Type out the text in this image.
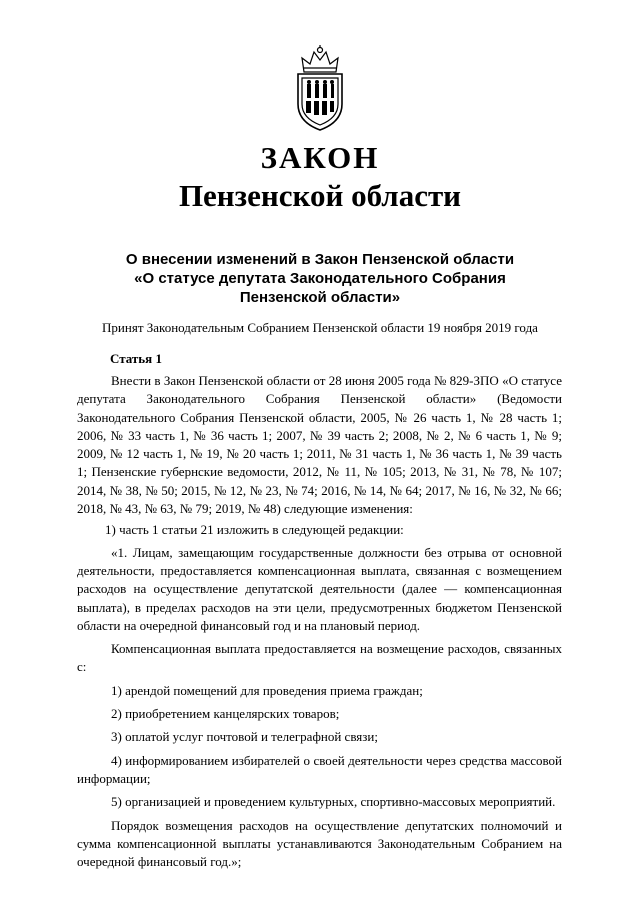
ЗАКОН
Пензенской области
О внесении изменений в Закон Пензенской области
«О статусе депутата Законодательного Собрания
Пензенской области»
Принят Законодательным Собранием Пензенской области 19 ноября 2019 года
Статья 1

Внести в Закон Пензенской области от 28 июня 2005 года № 829-ЗПО «О статусе депутата Законодательного Собрания Пензенской области» (Ведомости Законодательного Собрания Пензенской области, 2005, № 26 часть 1, № 28 часть 1; 2006, № 33 часть 1, № 36 часть 1; 2007, № 39 часть 2; 2008, № 2, № 6 часть 1, № 9; 2009, № 12 часть 1, № 19, № 20 часть 1; 2011, № 31 часть 1, № 36 часть 1, № 39 часть 1; Пензенские губернские ведомости, 2012, № 11, № 105; 2013, № 31, № 78, № 107; 2014, № 38, № 50; 2015, № 12, № 23, № 74; 2016, № 14, № 64; 2017, № 16, № 32, № 66; 2018, № 43, № 63, № 79; 2019, № 48) следующие изменения:

1) часть 1 статьи 21 изложить в следующей редакции:

«1. Лицам, замещающим государственные должности без отрыва от основной деятельности, предоставляется компенсационная выплата, связанная с возмещением расходов на осуществление депутатской деятельности (далее — компенсационная выплата), в пределах расходов на эти цели, предусмотренных бюджетом Пензенской области на очередной финансовый год и на плановый период.

Компенсационная выплата предоставляется на возмещение расходов, связанных с:

1) арендой помещений для проведения приема граждан;

2) приобретением канцелярских товаров;

3) оплатой услуг почтовой и телеграфной связи;

4) информированием избирателей о своей деятельности через средства массовой информации;

5) организацией и проведением культурных, спортивно-массовых мероприятий.

Порядок возмещения расходов на осуществление депутатских полномочий и сумма компенсационной выплаты устанавливаются Законодательным Собранием на очередной финансовый год.»;
